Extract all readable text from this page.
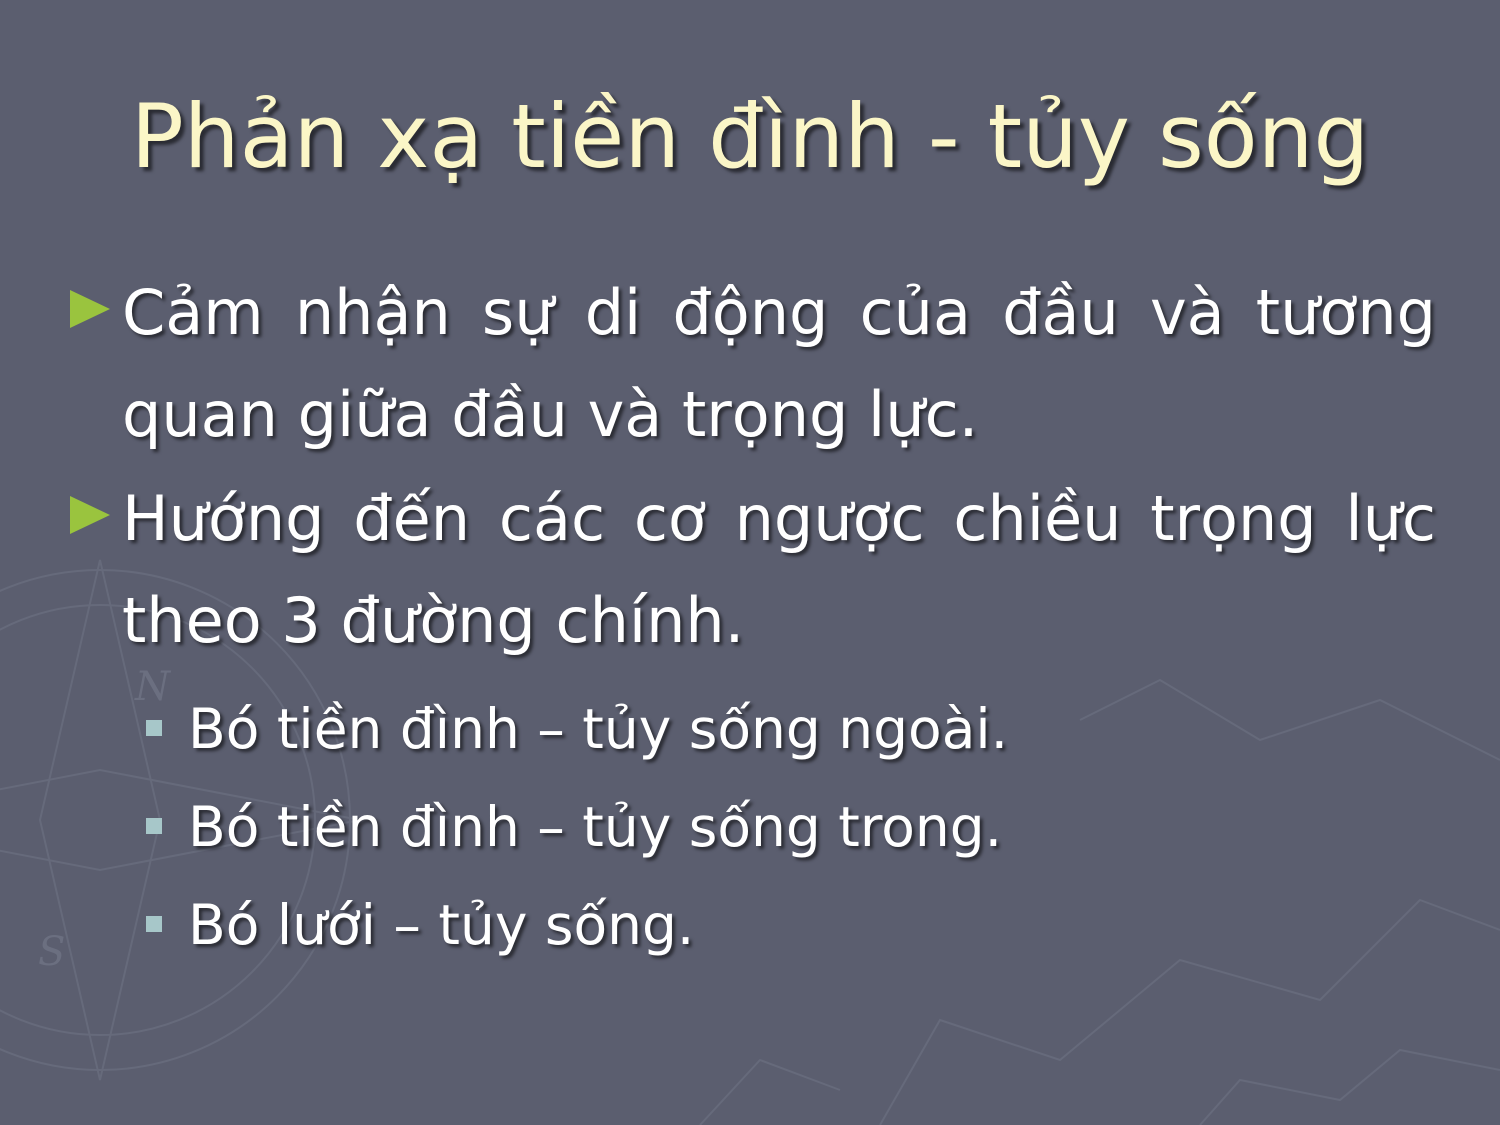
N
S
Phản xạ tiền đình - tủy sống
Cảm nhận sự di động của đầu và tương quan giữa đầu và trọng lực.
Hướng đến các cơ ngược chiều trọng lực theo 3 đường chính.
Bó tiền đình – tủy sống ngoài.
Bó tiền đình – tủy sống trong.
Bó lưới – tủy sống.
